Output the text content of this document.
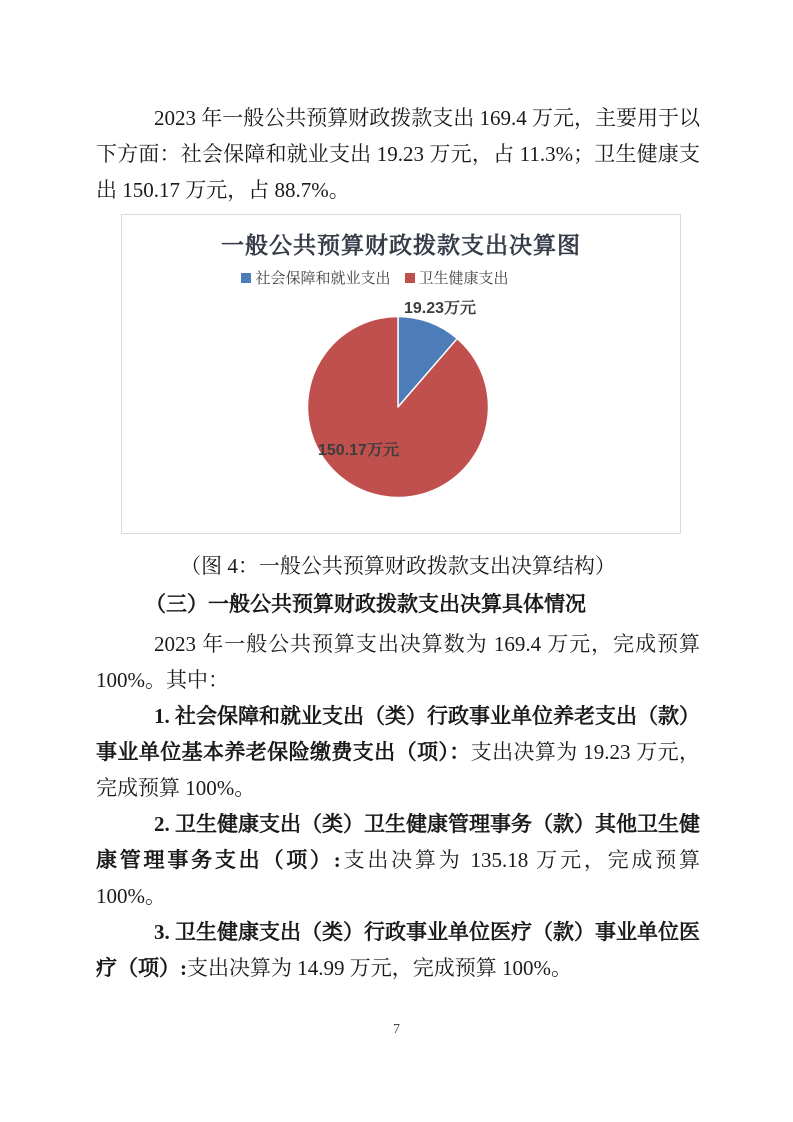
2023 年一般公共预算财政拨款支出 169.4 万元，主要用于以下方面：社会保障和就业支出 19.23 万元，占 11.3%；卫生健康支出 150.17 万元，占 88.7%。

一般公共预算财政拨款支出决算图
社会保障和就业支出 卫生健康支出
19.23万元
150.17万元

（图 4：一般公共预算财政拨款支出决算结构）

（三）一般公共预算财政拨款支出决算具体情况

2023 年一般公共预算支出决算数为 169.4 万元，完成预算 100%。其中：

1. 社会保障和就业支出（类）行政事业单位养老支出（款）事业单位基本养老保险缴费支出（项）：支出决算为 19.23 万元，完成预算 100%。

2. 卫生健康支出（类）卫生健康管理事务（款）其他卫生健康管理事务支出（项）:支出决算为 135.18 万元，完成预算 100%。

3. 卫生健康支出（类）行政事业单位医疗（款）事业单位医疗（项）:支出决算为 14.99 万元，完成预算 100%。

7
